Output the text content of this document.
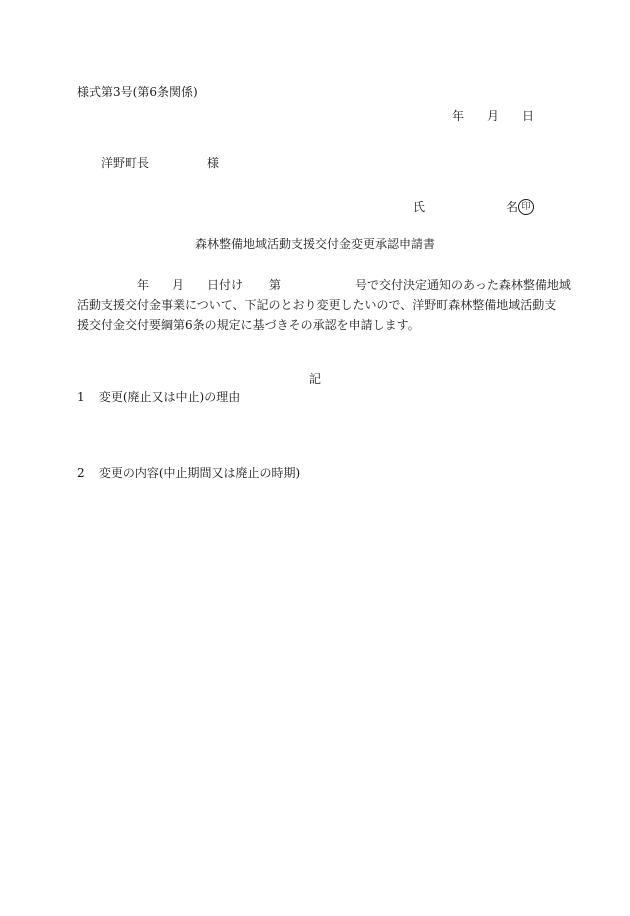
様式第3号(第6条関係)
年 月 日
洋野町長	様
氏	名 印
森林整備地域活動支援交付金変更承認申請書
年 月 日付け 第	号で交付決定通知のあった森林整備地域
活動支援交付金事業について、下記のとおり変更したいので、洋野町森林整備地域活動支
援交付金交付要綱第6条の規定に基づきその承認を申請します。
記
1 変更(廃止又は中止)の理由
2 変更の内容(中止期間又は廃止の時期)
